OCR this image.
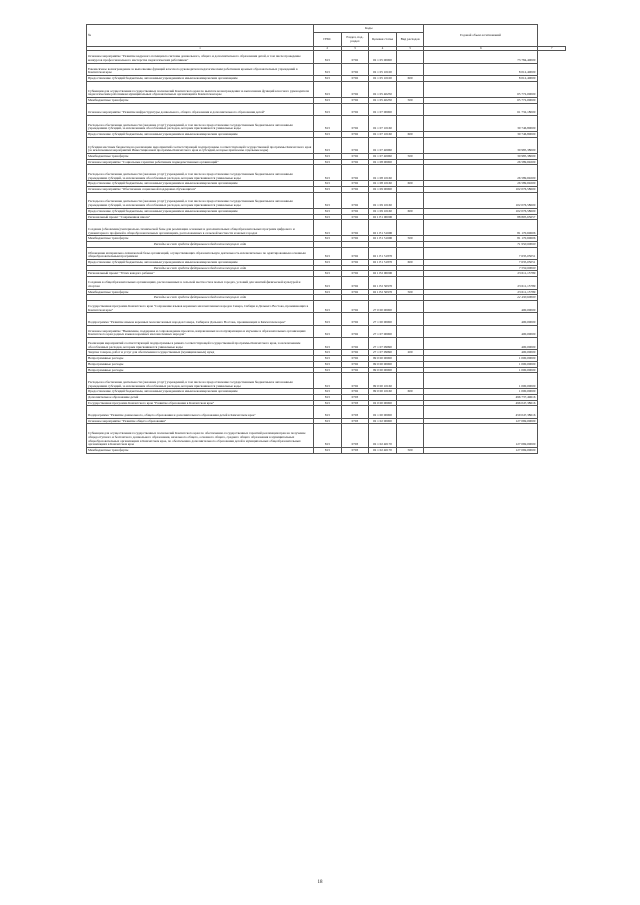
№	Коды				Годовой объем ассигнований	
	ГРБС	Раздел, под-раздел	Целевая статья	Вид расходов		
1	2	3	4	5	6	7
Основное мероприятие "Развитие кадрового потенциала системы дошкольного, общего и дополнительного образования детей, в том числе проведение конкурсов профессионального мастерства педагогических работников"	813	0702	02 1 05 00000		73 784,40000	
Ежемесячное вознаграждение за выполнение функций классного руководителя педагогическим работникам краевых образовательных учреждений в Камчатском крае	813	0702	02 1 05 10100		8 012,40000	
Предоставление субсидий бюджетным, автономным учреждениям и иным некоммерческим организациям	813	0702	02 1 05 10100	600	8 012,40000	
Субвенции для осуществления государственных полномочий Камчатского края по выплате вознаграждения за выполнение функций классного руководителя педагогическим работникам муниципальных образовательных организаций в Камчатском крае	813	0702	02 1 05 40250		65 772,00000	
Межбюджетные трансферты	813	0702	02 1 05 40250	500	65 772,00000	
Основное мероприятие "Развитие инфраструктуры дошкольного, общего образования и дополнительного образования детей"	813	0702	02 1 07 00000		61 732,18000	
Расходы на обеспечение деятельности (оказание услуг) учреждений, в том числе на предоставление государственным бюджетным и автономным учреждениям субсидий, за исключением обособленных расходов, которым присваиваются уникальные коды	813	0702	02 1 07 10160		30 746,80000	
Предоставление субсидий бюджетным, автономным учреждениям и иным некоммерческим организациям	813	0702	02 1 07 10160	600	30 746,80000	
Субсидии местным бюджетам на реализацию мероприятий соответствующей подпрограммы соответствующей государственной программы Камчатского края (за исключением мероприятий Инвестиционной программы Камчатского края и субсидий, которые присвоены отдельные коды)	813	0702	02 1 07 40060		30 985,38000	
Межбюджетные трансферты	813	0702	02 1 07 40060	500	30 985,38000	
Основное мероприятие "Социальные гарантии работникам подведомственных организаций"	813	0702	02 1 08 00000		26 589,69200	
Расходы на обеспечение деятельности (оказание услуг) учреждений, в том числе на предоставление государственным бюджетным и автономным учреждениям субсидий, за исключением обособленных расходов, которым присваиваются уникальные коды	813	0702	02 1 08 10160		26 589,69200	
Предоставление субсидий бюджетным, автономным учреждениям и иным некоммерческим организациям	813	0702	02 1 08 10160	600	26 589,69200	
Основное мероприятие "Обеспечение социальной поддержки обучающихся"	813	0702	02 1 09 00000		102 076,58600	
Расходы на обеспечение деятельности (оказание услуг) учреждений, в том числе на предоставление государственным бюджетным и автономным учреждениям субсидий, за исключением обособленных расходов, которым присваиваются уникальные коды	813	0702	02 1 09 10160		102 076,58600	
Предоставление субсидий бюджетным, автономным учреждениям и иным некоммерческим организациям	813	0702	02 1 09 10160	600	102 076,58600	
Региональный проект "Современная школа"	813	0702	02 1 E1 00000		88 805,65657	
Создание (обновление) материально-технической базы для реализации основных и дополнительных общеобразовательных программ цифрового и гуманитарного профилей в общеобразовательных организациях, расположенных в сельской местности и малых городах	813	0702	02 1 E1 51690		81 170,60606	
Межбюджетные трансферты	813	0702	02 1 E1 51690	500	81 170,60606	
Расходы за счет средств федерального бюджета текущего года					71 950,00000	
Обновление материально-технической базы организаций, осуществляющих образовательную деятельность исключительно по адаптированным основным общеобразовательным программам	813	0702	02 1 E1 51870		7 635,05051	
Предоставление субсидий бюджетным, автономным учреждениям и иным некоммерческим организациям	813	0702	02 1 E1 51870	600	7 635,05051	
Расходы за счет средств федерального бюджета текущего года					7 559,00000	
Региональный проект "Успех каждого ребенка"	813	0702	02 1 E2 00000		23 611,15789	
Создание в общеобразовательных организациях, расположенных в сельской местности и малых городах, условий для занятий физической культурой и спортом	813	0702	02 1 E2 50970		23 611,15789	
Межбюджетные трансферты	813	0702	02 1 E2 50970	500	23 611,15789	
Расходы за счет средств федерального бюджета текущего года					22 430,60000	
Государственная программа Камчатского края "Сохранение языков коренных малочисленных народов Севера, Сибири и Дальнего Востока, проживающих в Камчатском крае"	813	0702	27 0 00 00000		400,00000	
Подпрограмма "Развитие языков коренных малочисленных народов Севера, Сибири и Дальнего Востока, проживающих в Камчатском крае"	813	0702	27 1 00 00000		400,00000	
Основное мероприятие "Выявление, поддержка и сопровождение проектов, направленных на популяризацию и изучение в образовательных организациях Камчатского края родных языков коренных малочисленных народов"	813	0702	27 1 07 00000		400,00000	
Реализация мероприятий соответствующей подпрограммы в рамках соответствующей государственной программы Камчатского края, за исключением обособленных расходов, которым присваиваются уникальные коды	813	0702	27 1 07 09990		400,00000	
Закупка товаров, работ и услуг для обеспечения государственных (муниципальных) нужд	813	0702	27 1 07 09990	200	400,00000	
Непрограммные расходы	813	0702	99 0 00 00000		1 000,00000	
Непрограммные расходы	813	0702	99 0 00 00000		1 000,00000	
Непрограммные расходы	813	0702	99 0 00 00000		1 000,00000	
Расходы на обеспечение деятельности (оказание услуг) учреждений, в том числе на предоставление государственным бюджетным и автономным учреждениям субсидий, за исключением обособленных расходов, которым присваиваются уникальные коды	813	0702	99 0 00 10160		1 000,00000	
Предоставление субсидий бюджетным, автономным учреждениям и иным некоммерческим организациям	813	0702	99 0 00 10160	600	1 000,00000	
Дополнительное образование детей	813	0703			496 737,49616	
Государственная программа Камчатского края "Развитие образования в Камчатском крае"	813	0703	02 0 00 00000		496 047,38616	
Подпрограмма "Развитие дошкольного, общего образования и дополнительного образования детей в Камчатском крае"	813	0703	02 1 00 00000		459 047,38616	
Основное мероприятие "Развитие общего образования"	813	0703	02 1 02 00000		127 069,00000	
Субвенции для осуществления государственных полномочий Камчатского края по обеспечению государственных гарантий реализации прав на получение общедоступного и бесплатного дошкольного образования, начального общего, основного общего, среднего общего образования в муниципальных общеобразовательных организациях в Камчатском крае, по обеспечению дополнительного образования детей в муниципальных общеобразовательных организациях в Камчатском крае	813	0703	02 1 02 40170		127 069,00000	
Межбюджетные трансферты	813	0703	02 1 02 40170	500	127 069,00000	
18
